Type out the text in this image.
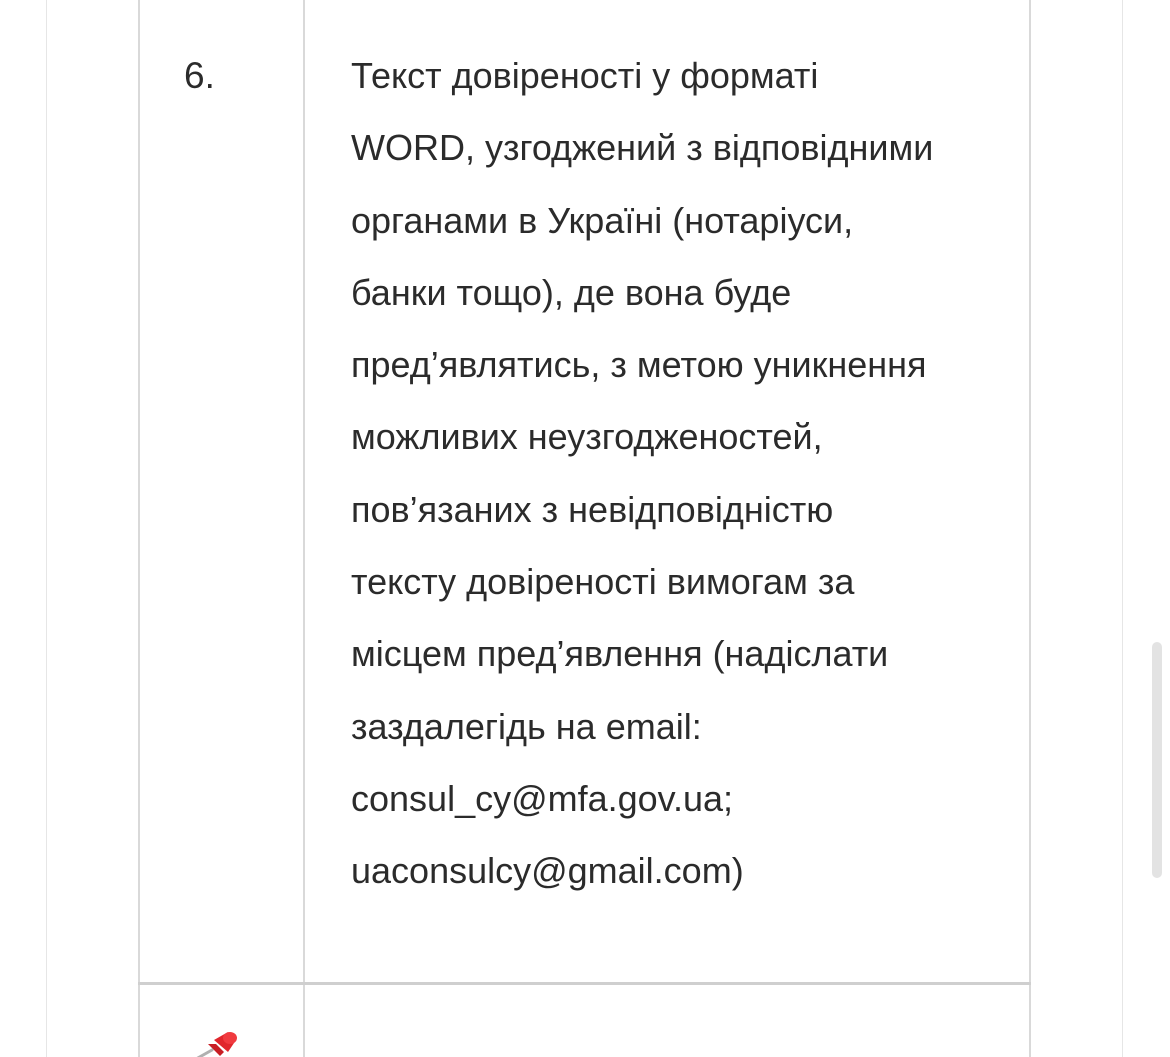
6.	Текст довіреності у форматі
WORD, узгоджений з відповідними
органами в Україні (нотаріуси,
банки тощо), де вона буде
пред’являтись, з метою уникнення
можливих неузгодженостей,
пов’язаних з невідповідністю
тексту довіреності вимогам за
місцем пред’явлення (надіслати
заздалегідь на email:
consul_cy@mfa.gov.ua;
uaconsulcy@gmail.com)
